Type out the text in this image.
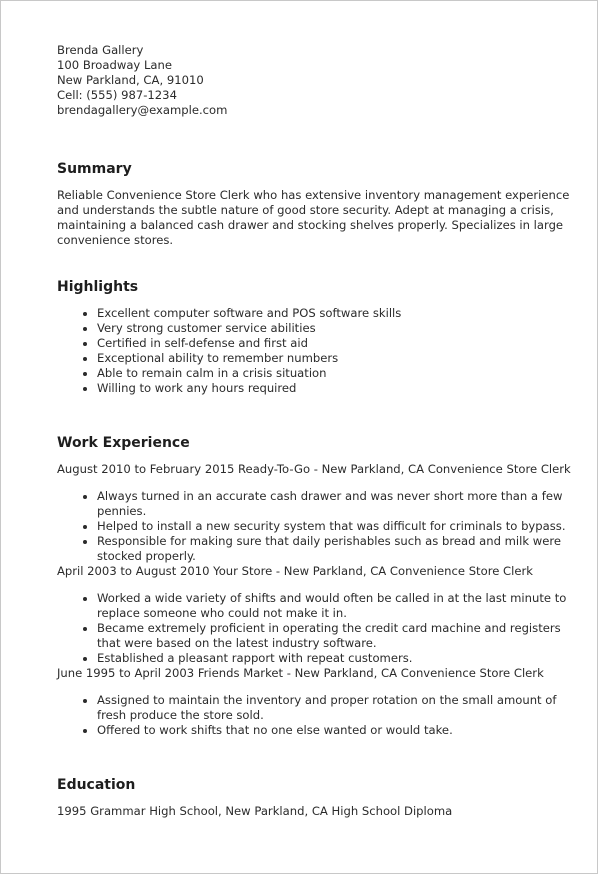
Brenda Gallery
100 Broadway Lane
New Parkland, CA, 91010
Cell: (555) 987-1234
brendagallery@example.com
Summary

Reliable Convenience Store Clerk who has extensive inventory management experience and understands the subtle nature of good store security. Adept at managing a crisis, maintaining a balanced cash drawer and stocking shelves properly. Specializes in large convenience stores.

Highlights
• Excellent computer software and POS software skills
• Very strong customer service abilities
• Certified in self-defense and first aid
• Exceptional ability to remember numbers
• Able to remain calm in a crisis situation
• Willing to work any hours required
Work Experience
August 2010 to February 2015 Ready-To-Go - New Parkland, CA Convenience Store Clerk
• Always turned in an accurate cash drawer and was never short more than a few pennies.
• Helped to install a new security system that was difficult for criminals to bypass.
• Responsible for making sure that daily perishables such as bread and milk were stocked properly.
April 2003 to August 2010 Your Store - New Parkland, CA Convenience Store Clerk
• Worked a wide variety of shifts and would often be called in at the last minute to replace someone who could not make it in.
• Became extremely proficient in operating the credit card machine and registers that were based on the latest industry software.
• Established a pleasant rapport with repeat customers.
June 1995 to April 2003 Friends Market - New Parkland, CA Convenience Store Clerk
• Assigned to maintain the inventory and proper rotation on the small amount of fresh produce the store sold.
• Offered to work shifts that no one else wanted or would take.
Education
1995 Grammar High School, New Parkland, CA High School Diploma
